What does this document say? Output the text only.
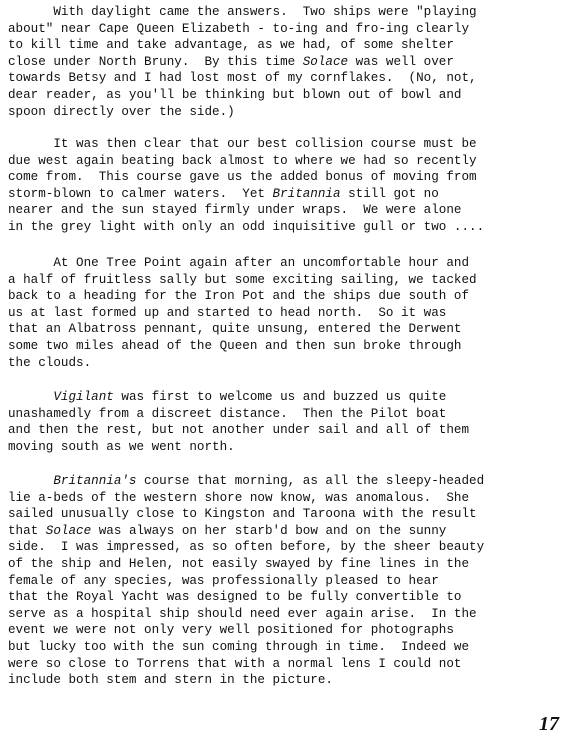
With daylight came the answers.  Two ships were "playing
about" near Cape Queen Elizabeth - to-ing and fro-ing clearly
to kill time and take advantage, as we had, of some shelter
close under North Bruny.  By this time Solace was well over
towards Betsy and I had lost most of my cornflakes.  (No, not,
dear reader, as you'll be thinking but blown out of bowl and
spoon directly over the side.)
It was then clear that our best collision course must be
due west again beating back almost to where we had so recently
come from.  This course gave us the added bonus of moving from
storm-blown to calmer waters.  Yet Britannia still got no
nearer and the sun stayed firmly under wraps.  We were alone
in the grey light with only an odd inquisitive gull or two ....
At One Tree Point again after an uncomfortable hour and
a half of fruitless sally but some exciting sailing, we tacked
back to a heading for the Iron Pot and the ships due south of
us at last formed up and started to head north.  So it was
that an Albatross pennant, quite unsung, entered the Derwent
some two miles ahead of the Queen and then sun broke through
the clouds.
Vigilant was first to welcome us and buzzed us quite
unashamedly from a discreet distance.  Then the Pilot boat
and then the rest, but not another under sail and all of them
moving south as we went north.
Britannia's course that morning, as all the sleepy-headed
lie a-beds of the western shore now know, was anomalous.  She
sailed unusually close to Kingston and Taroona with the result
that Solace was always on her starb'd bow and on the sunny
side.  I was impressed, as so often before, by the sheer beauty
of the ship and Helen, not easily swayed by fine lines in the
female of any species, was professionally pleased to hear
that the Royal Yacht was designed to be fully convertible to
serve as a hospital ship should need ever again arise.  In the
event we were not only very well positioned for photographs
but lucky too with the sun coming through in time.  Indeed we
were so close to Torrens that with a normal lens I could not
include both stem and stern in the picture.
17
